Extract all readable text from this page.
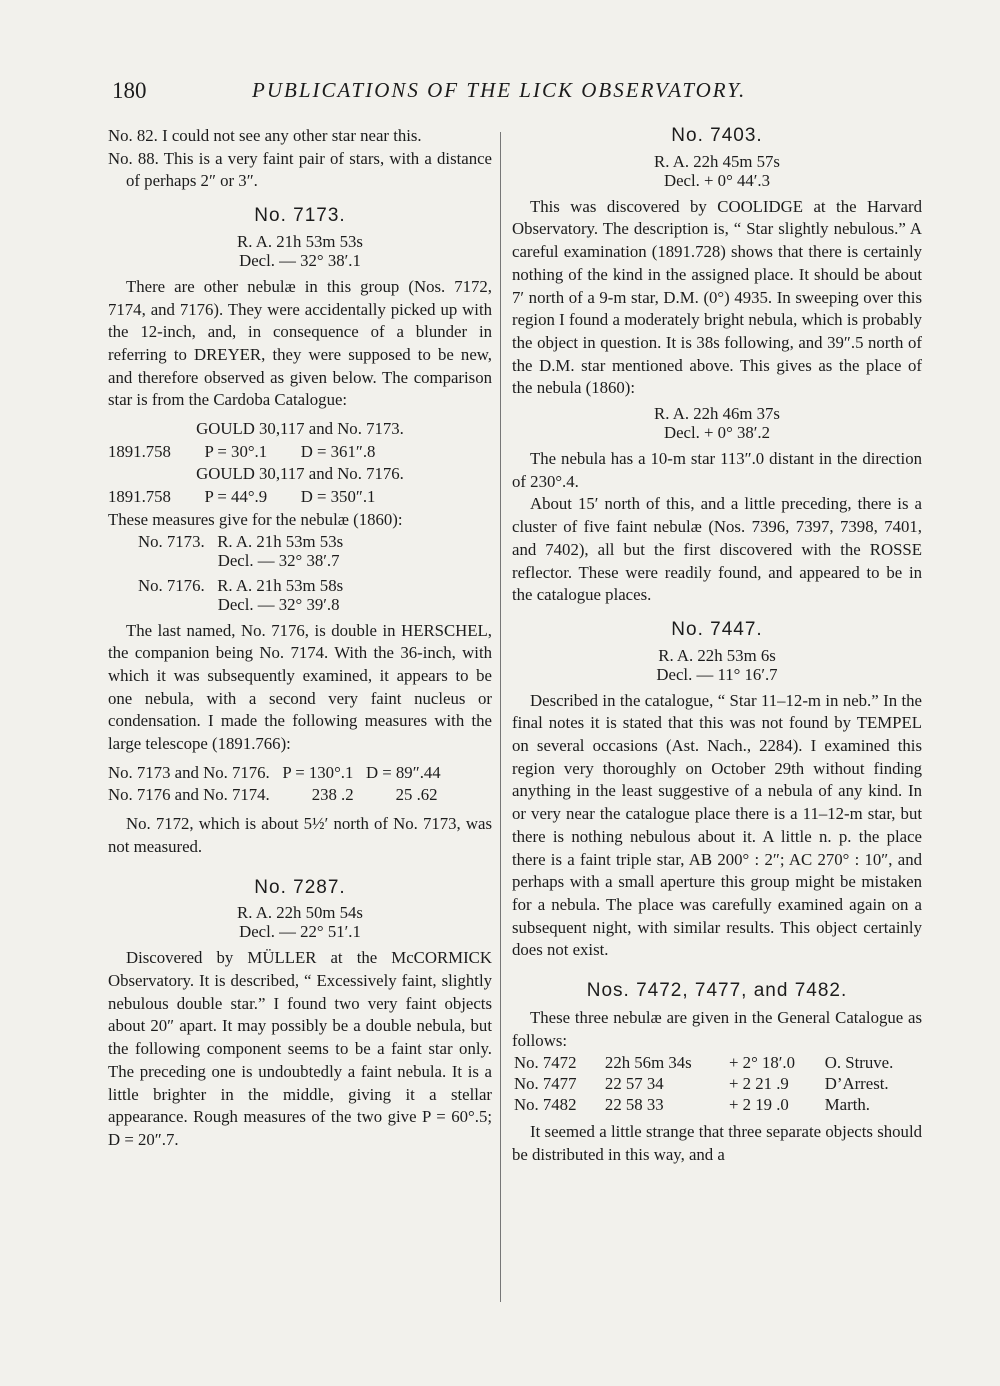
180	PUBLICATIONS OF THE LICK OBSERVATORY.

No. 82. I could not see any other star near this.

No. 88. This is a very faint pair of stars, with a distance of perhaps 2″ or 3″.

No. 7173.
R. A. 21h 53m 53s
Decl. — 32° 38′.1

There are other nebulæ in this group (Nos. 7172, 7174, and 7176). They were accidentally picked up with the 12-inch, and, in consequence of a blunder in referring to DREYER, they were supposed to be new, and therefore observed as given below. The comparison star is from the Cardoba Catalogue:

GOULD 30,117 and No. 7173.
1891.758        P = 30°.1        D = 361″.8
GOULD 30,117 and No. 7176.
1891.758        P = 44°.9        D = 350″.1

These measures give for the nebulæ (1860):

No. 7173.   R. A. 21h 53m 53s
Decl. — 32° 38′.7
No. 7176.   R. A. 21h 53m 58s
Decl. — 32° 39′.8

The last named, No. 7176, is double in HERSCHEL, the companion being No. 7174. With the 36-inch, with which it was subsequently examined, it appears to be one nebula, with a second very faint nucleus or condensation. I made the following measures with the large telescope (1891.766):

No. 7173 and No. 7176.   P = 130°.1   D = 89″.44
No. 7176 and No. 7174.          238 .2          25 .62

No. 7172, which is about 5½′ north of No. 7173, was not measured.

No. 7287.
R. A. 22h 50m 54s
Decl. — 22° 51′.1

Discovered by MÜLLER at the McCORMICK Observatory. It is described, “ Excessively faint, slightly nebulous double star.” I found two very faint objects about 20″ apart. It may possibly be a double nebula, but the following component seems to be a faint star only. The preceding one is undoubtedly a faint nebula. It is a little brighter in the middle, giving it a stellar appearance. Rough measures of the two give P = 60°.5; D = 20″.7.

No. 7403.
R. A. 22h 45m 57s
Decl. + 0° 44′.3

This was discovered by COOLIDGE at the Harvard Observatory. The description is, “ Star slightly nebulous.” A careful examination (1891.728) shows that there is certainly nothing of the kind in the assigned place. It should be about 7′ north of a 9-m star, D.M. (0°) 4935. In sweeping over this region I found a moderately bright nebula, which is probably the object in question. It is 38s following, and 39″.5 north of the D.M. star mentioned above. This gives as the place of the nebula (1860):

R. A. 22h 46m 37s
Decl. + 0° 38′.2

The nebula has a 10-m star 113″.0 distant in the direction of 230°.4.

About 15′ north of this, and a little preceding, there is a cluster of five faint nebulæ (Nos. 7396, 7397, 7398, 7401, and 7402), all but the first discovered with the ROSSE reflector. These were readily found, and appeared to be in the catalogue places.

No. 7447.
R. A. 22h 53m 6s
Decl. — 11° 16′.7

Described in the catalogue, “ Star 11–12-m in neb.” In the final notes it is stated that this was not found by TEMPEL on several occasions (Ast. Nach., 2284). I examined this region very thoroughly on October 29th without finding anything in the least suggestive of a nebula of any kind. In or very near the catalogue place there is a 11–12-m star, but there is nothing nebulous about it. A little n. p. the place there is a faint triple star, AB 200° : 2″; AC 270° : 10″, and perhaps with a small aperture this group might be mistaken for a nebula. The place was carefully examined again on a subsequent night, with similar results. This object certainly does not exist.

Nos. 7472, 7477, and 7482.

These three nebulæ are given in the General Catalogue as follows:

No. 7472	22h 56m 34s	+ 2° 18′.0	O. Struve.
No. 7477	22 57 34	+ 2 21 .9	D’Arrest.
No. 7482	22 58 33	+ 2 19 .0	Marth.

It seemed a little strange that three separate objects should be distributed in this way, and a
